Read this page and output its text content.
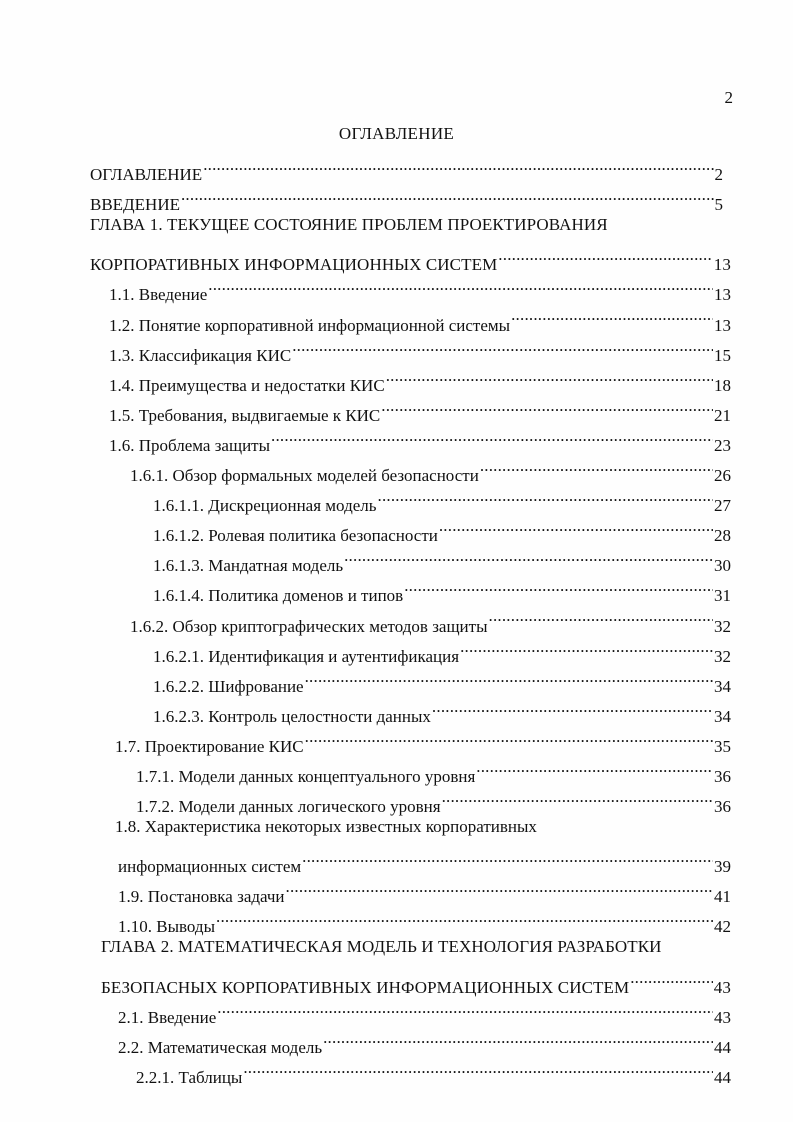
2
ОГЛАВЛЕНИЕ
ОГЛАВЛЕНИЕ .....	2
ВВЕДЕНИЕ .....	5
ГЛАВА 1. ТЕКУЩЕЕ СОСТОЯНИЕ ПРОБЛЕМ ПРОЕКТИРОВАНИЯ
КОРПОРАТИВНЫХ ИНФОРМАЦИОННЫХ СИСТЕМ .....	13
1.1. Введение .....	13
1.2. Понятие корпоративной информационной системы .....	13
1.3. Классификация КИС .....	15
1.4. Преимущества и недостатки КИС .....	18
1.5. Требования, выдвигаемые к КИС .....	21
1.6. Проблема защиты .....	23
1.6.1. Обзор формальных моделей безопасности .....	26
1.6.1.1. Дискреционная модель .....	27
1.6.1.2. Ролевая политика безопасности .....	28
1.6.1.3. Мандатная модель .....	30
1.6.1.4. Политика доменов и типов .....	31
1.6.2. Обзор криптографических методов защиты .....	32
1.6.2.1. Идентификация и аутентификация .....	32
1.6.2.2. Шифрование .....	34
1.6.2.3. Контроль целостности данных .....	34
1.7. Проектирование КИС .....	35
1.7.1. Модели данных концептуального уровня .....	36
1.7.2. Модели данных логического уровня .....	36
1.8. Характеристика некоторых известных корпоративных
информационных систем .....	39
1.9. Постановка задачи .....	41
1.10. Выводы .....	42
ГЛАВА 2. МАТЕМАТИЧЕСКАЯ МОДЕЛЬ И ТЕХНОЛОГИЯ РАЗРАБОТКИ
БЕЗОПАСНЫХ КОРПОРАТИВНЫХ ИНФОРМАЦИОННЫХ СИСТЕМ .....	43
2.1. Введение .....	43
2.2. Математическая модель .....	44
2.2.1. Таблицы .....	44
